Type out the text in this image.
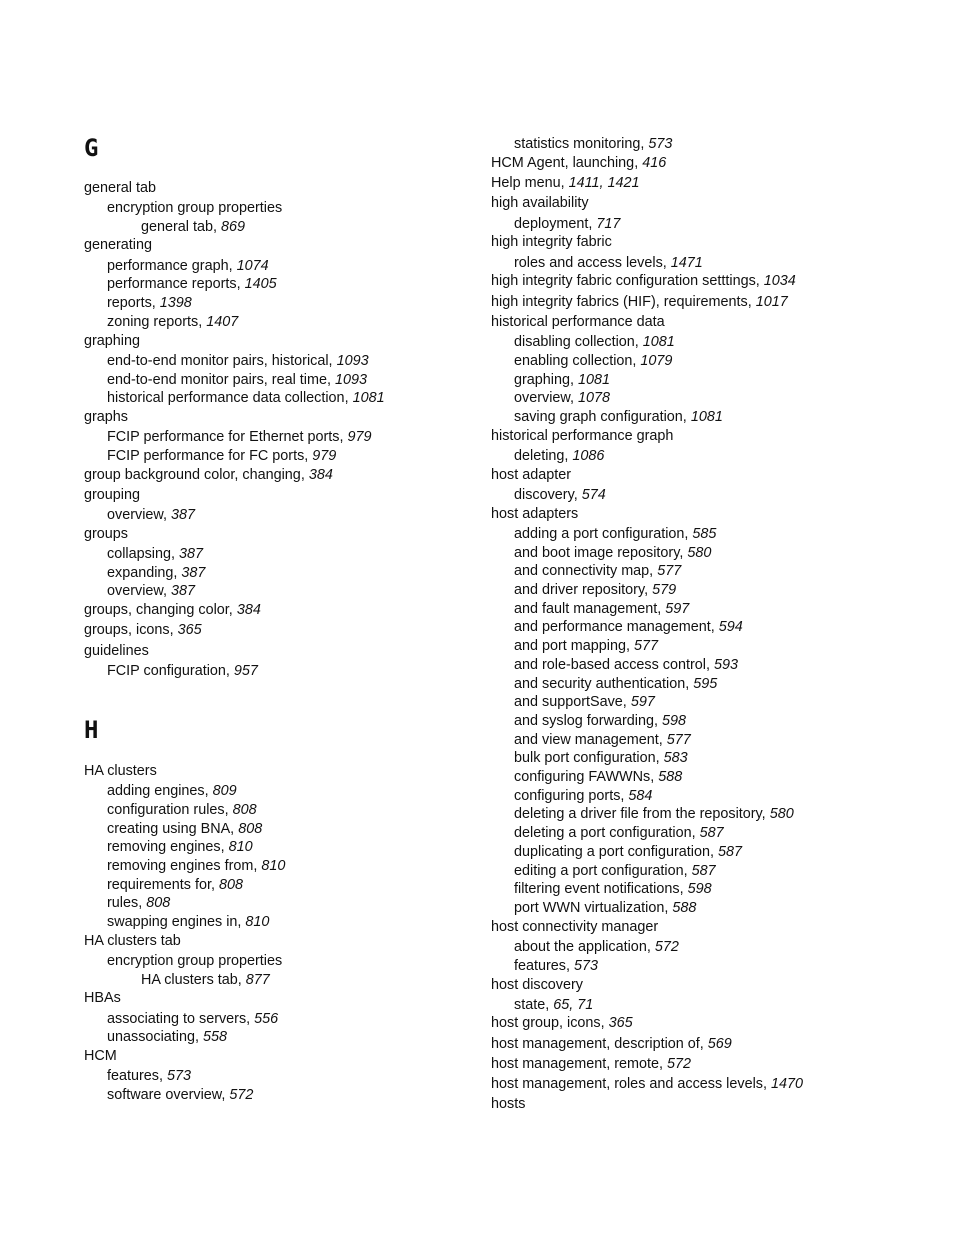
G
general tab
encryption group properties
general tab, 869
generating
performance graph, 1074
performance reports, 1405
reports, 1398
zoning reports, 1407
graphing
end-to-end monitor pairs, historical, 1093
end-to-end monitor pairs, real time, 1093
historical performance data collection, 1081
graphs
FCIP performance for Ethernet ports, 979
FCIP performance for FC ports, 979
group background color, changing, 384
grouping
overview, 387
groups
collapsing, 387
expanding, 387
overview, 387
groups, changing color, 384
groups, icons, 365
guidelines
FCIP configuration, 957
H
HA clusters
adding engines, 809
configuration rules, 808
creating using BNA, 808
removing engines, 810
removing engines from, 810
requirements for, 808
rules, 808
swapping engines in, 810
HA clusters tab
encryption group properties
HA clusters tab, 877
HBAs
associating to servers, 556
unassociating, 558
HCM
features, 573
software overview, 572
statistics monitoring, 573
HCM Agent, launching, 416
Help menu, 1411, 1421
high availability
deployment, 717
high integrity fabric
roles and access levels, 1471
high integrity fabric configuration setttings, 1034
high integrity fabrics (HIF), requirements, 1017
historical performance data
disabling collection, 1081
enabling collection, 1079
graphing, 1081
overview, 1078
saving graph configuration, 1081
historical performance graph
deleting, 1086
host adapter
discovery, 574
host adapters
adding a port configuration, 585
and boot image repository, 580
and connectivity map, 577
and driver repository, 579
and fault management, 597
and performance management, 594
and port mapping, 577
and role-based access control, 593
and security authentication, 595
and supportSave, 597
and syslog forwarding, 598
and view management, 577
bulk port configuration, 583
configuring FAWWNs, 588
configuring ports, 584
deleting a driver file from the repository, 580
deleting a port configuration, 587
duplicating a port configuration, 587
editing a port configuration, 587
filtering event notifications, 598
port WWN virtualization, 588
host connectivity manager
about the application, 572
features, 573
host discovery
state, 65, 71
host group, icons, 365
host management, description of, 569
host management, remote, 572
host management, roles and access levels, 1470
hosts
